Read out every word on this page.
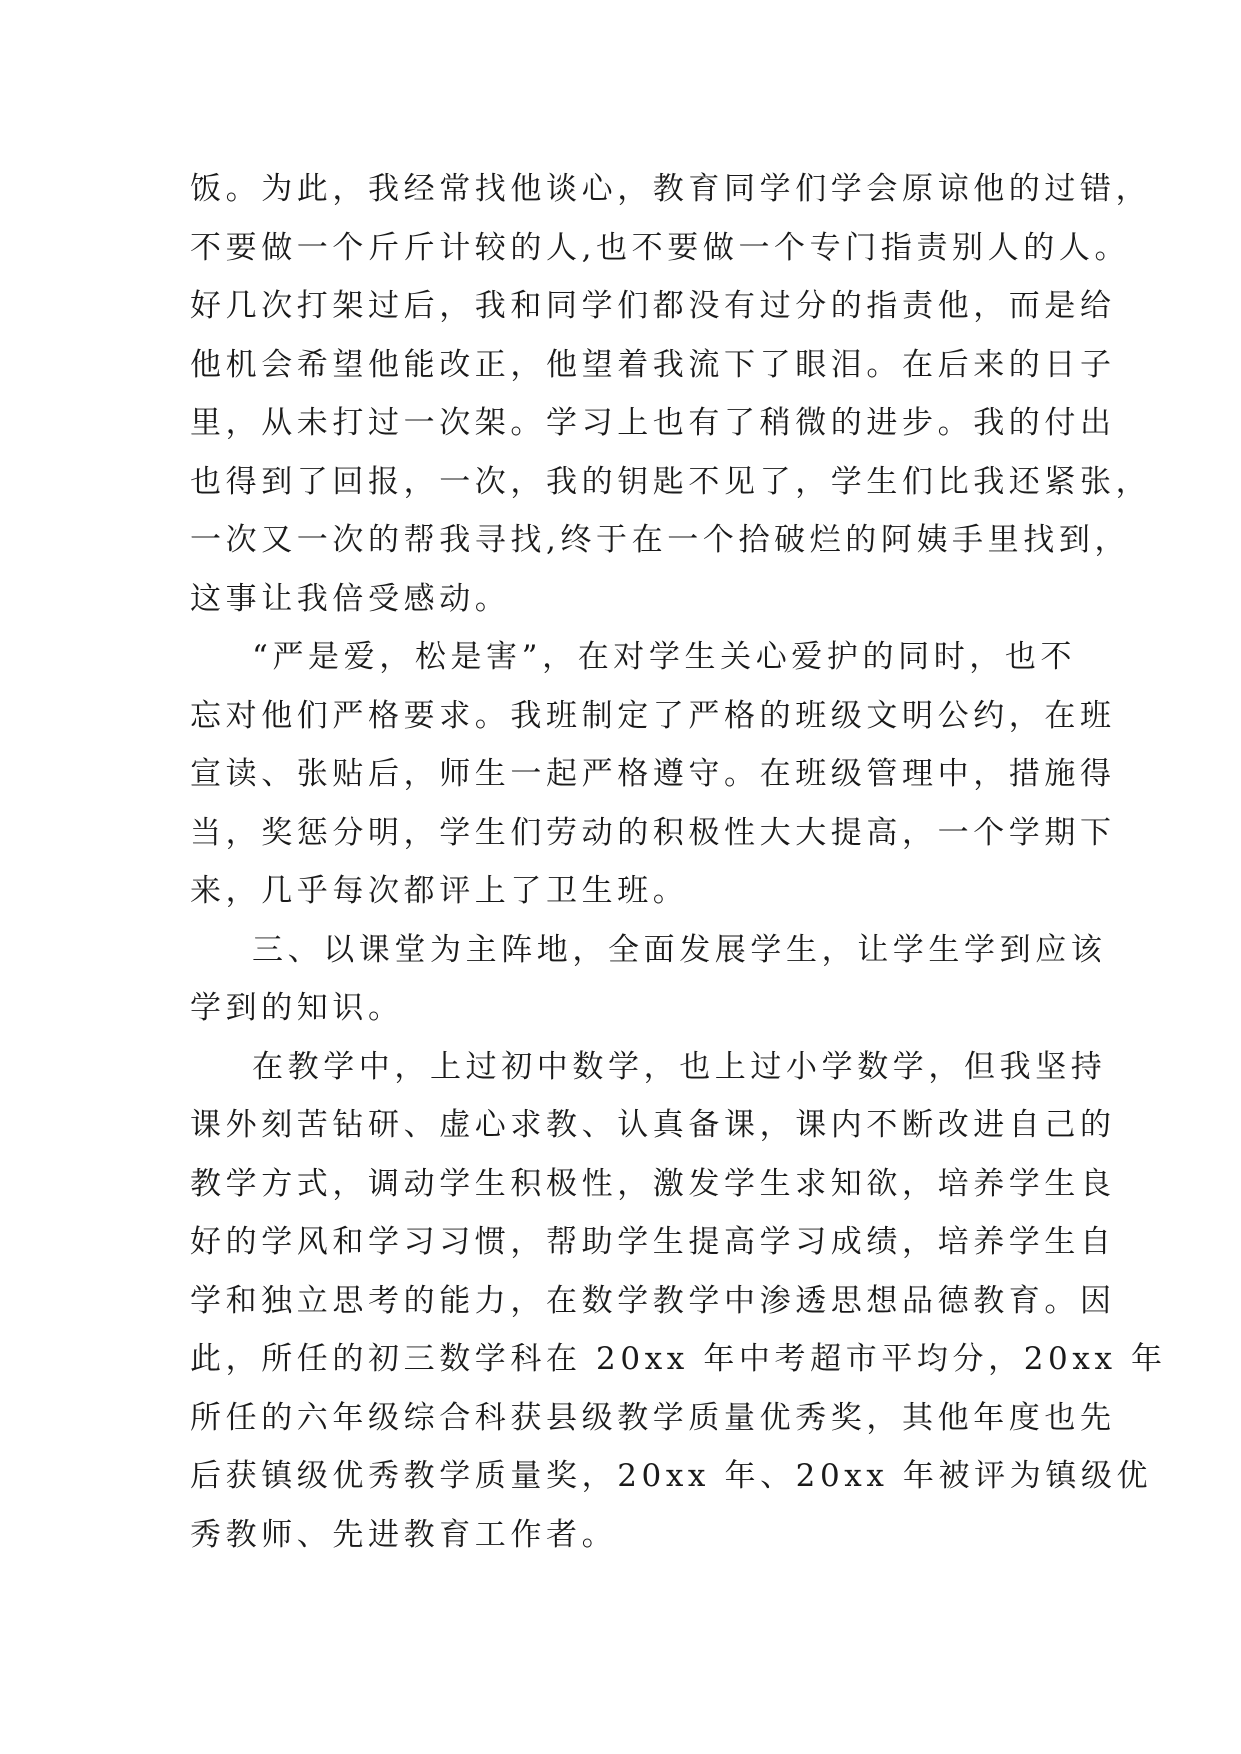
饭。为此，我经常找他谈心，教育同学们学会原谅他的过错，
不要做一个斤斤计较的人,也不要做一个专门指责别人的人。
好几次打架过后，我和同学们都没有过分的指责他，而是给
他机会希望他能改正，他望着我流下了眼泪。在后来的日子
里，从未打过一次架。学习上也有了稍微的进步。我的付出
也得到了回报，一次，我的钥匙不见了，学生们比我还紧张，
一次又一次的帮我寻找,终于在一个拾破烂的阿姨手里找到，
这事让我倍受感动。
“严是爱，松是害”，在对学生关心爱护的同时，也不
忘对他们严格要求。我班制定了严格的班级文明公约，在班
宣读、张贴后，师生一起严格遵守。在班级管理中，措施得
当，奖惩分明，学生们劳动的积极性大大提高，一个学期下
来，几乎每次都评上了卫生班。
三、以课堂为主阵地，全面发展学生，让学生学到应该
学到的知识。
在教学中，上过初中数学，也上过小学数学，但我坚持
课外刻苦钻研、虚心求教、认真备课，课内不断改进自己的
教学方式，调动学生积极性，激发学生求知欲，培养学生良
好的学风和学习习惯，帮助学生提高学习成绩，培养学生自
学和独立思考的能力，在数学教学中渗透思想品德教育。因
此，所任的初三数学科在 20xx 年中考超市平均分，20xx 年
所任的六年级综合科获县级教学质量优秀奖，其他年度也先
后获镇级优秀教学质量奖，20xx 年、20xx 年被评为镇级优
秀教师、先进教育工作者。
